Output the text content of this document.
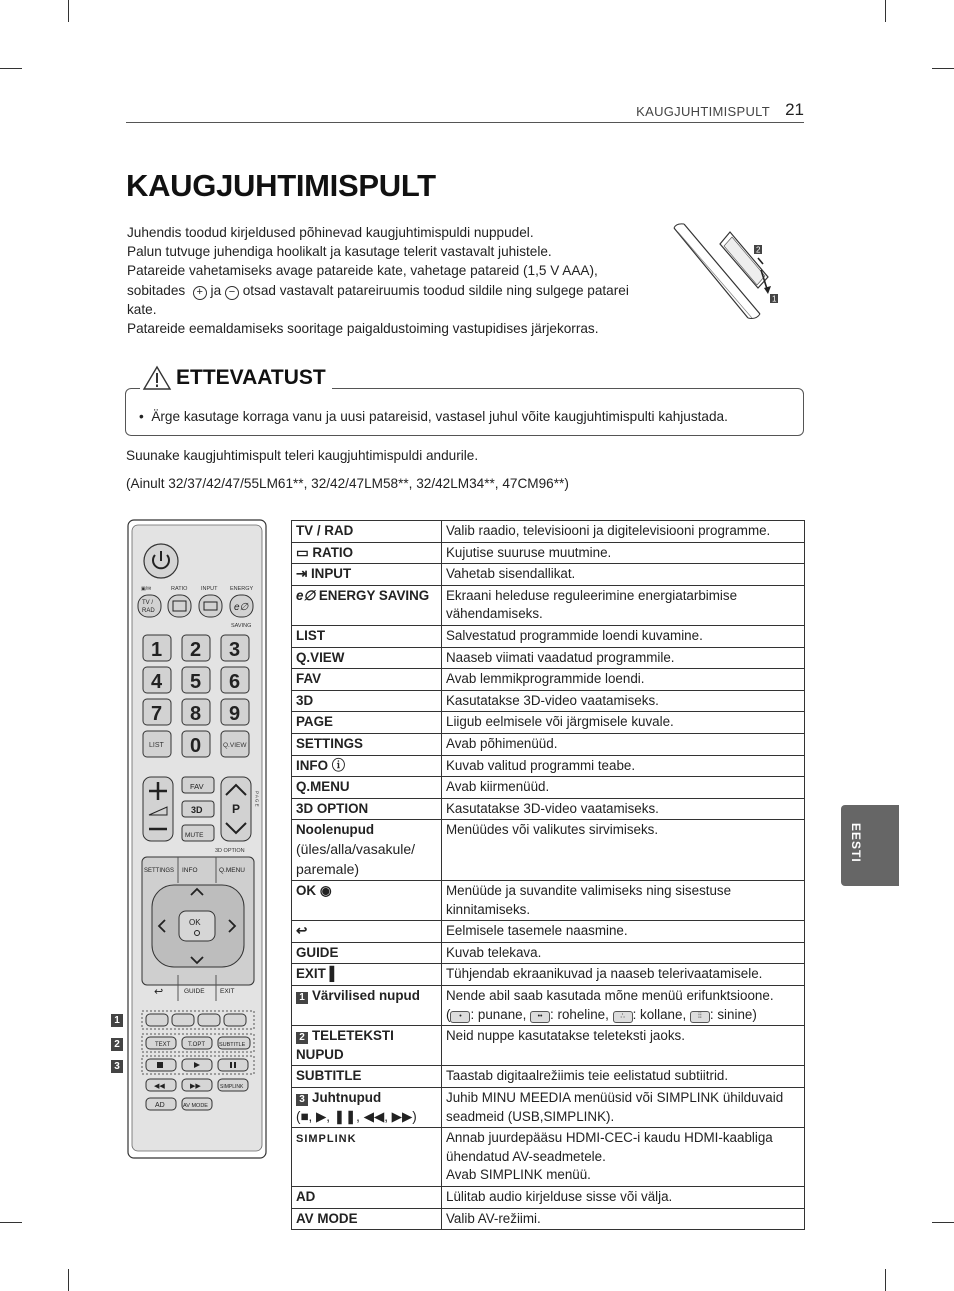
KAUGJUHTIMISPULT 21
KAUGJUHTIMISPULT

Juhendis toodud kirjeldused põhinevad kaugjuhtimispuldi nuppudel.

Palun tutvuge juhendiga hoolikalt ja kasutage telerit vastavalt juhistele.

Patareide vahetamiseks avage patareide kate, vahetage patareid (1,5 V AAA),

sobitades + ja − otsad vastavalt patareiruumis toodud sildile ning sulgege patarei

kate.

Patareide eemaldamiseks sooritage paigaldustoiming vastupidises järjekorras.

2
1
ETTEVAATUST
•  Ärge kasutage korraga vanu ja uusi patareisid, vastasel juhul võite kaugjuhtimispulti kahjustada.
Suunake kaugjuhtimispult teleri kaugjuhtimispuldi andurile.
(Ainult 32/37/42/47/55LM61**, 32/42/47LM58**, 32/42LM34**, 47CM96**)
EESTI
▣/✉	RATIO INPUT ENERGY
TV /
RAD	e∅
SAVING
1 2 3
4 5 6
7 8 9
0
LIST	Q.VIEW
FAV
3D
MUTE
P
P A G E
3D OPTION
SETTINGS INFO	Q.MENU
OK
↩	GUIDE EXIT
TEXT	T.OPT	SUBTITLE
◀◀	▶▶	SIMPLINK
AD	AV MODE
1
2
3
TV / RAD	Valib raadio, televisiooni ja digitelevisiooni programme.
▭ RATIO	Kujutise suuruse muutmine.
⇥ INPUT	Vahetab sisendallikat.
e∅ ENERGY SAVING	Ekraani heleduse reguleerimine energiatarbimise vähendamiseks.
LIST	Salvestatud programmide loendi kuvamine.
Q.VIEW	Naaseb viimati vaadatud programmile.
FAV	Avab lemmikprogrammide loendi.
3D	Kasutatakse 3D-video vaatamiseks.
PAGE	Liigub eelmisele või järgmisele kuvale.
SETTINGS	Avab põhimenüüd.
INFO ⓘ	Kuvab valitud programmi teabe.
Q.MENU	Avab kiirmenüüd.
3D OPTION	Kasutatakse 3D-video vaatamiseks.
Noolenupud
(üles/alla/vasakule/ paremale)	Menüüdes või valikutes sirvimiseks.
OK ◉	Menüüde ja suvandite valimiseks ning sisestuse kinnitamiseks.
↩	Eelmisele tasemele naasmine.
GUIDE	Kuvab telekava.
EXIT ▌	Tühjendab ekraanikuvad ja naaseb telerivaatamisele.
1 Värvilised nupud	Nende abil saab kasutada mõne menüü erifunktsioone.
( • : punane, •• : roheline, ∴ : kollane, ⁞⁞ : sinine)
2 TELETEKSTI NUPUD	Neid nuppe kasutatakse teleteksti jaoks.
SUBTITLE	Taastab digitaalrežiimis teie eelistatud subtiitrid.
3 Juhtnupud
(■, ▶, ❚❚, ◀◀, ▶▶)	Juhib MINU MEEDIA menüüsid või SIMPLINK ühilduvaid seadmeid (USB,SIMPLINK).
SIMPLINK	Annab juurdepääsu HDMI-CEC-i kaudu HDMI-kaabliga ühendatud AV-seadmetele.
Avab SIMPLINK menüü.
AD	Lülitab audio kirjelduse sisse või välja.
AV MODE	Valib AV-režiimi.
